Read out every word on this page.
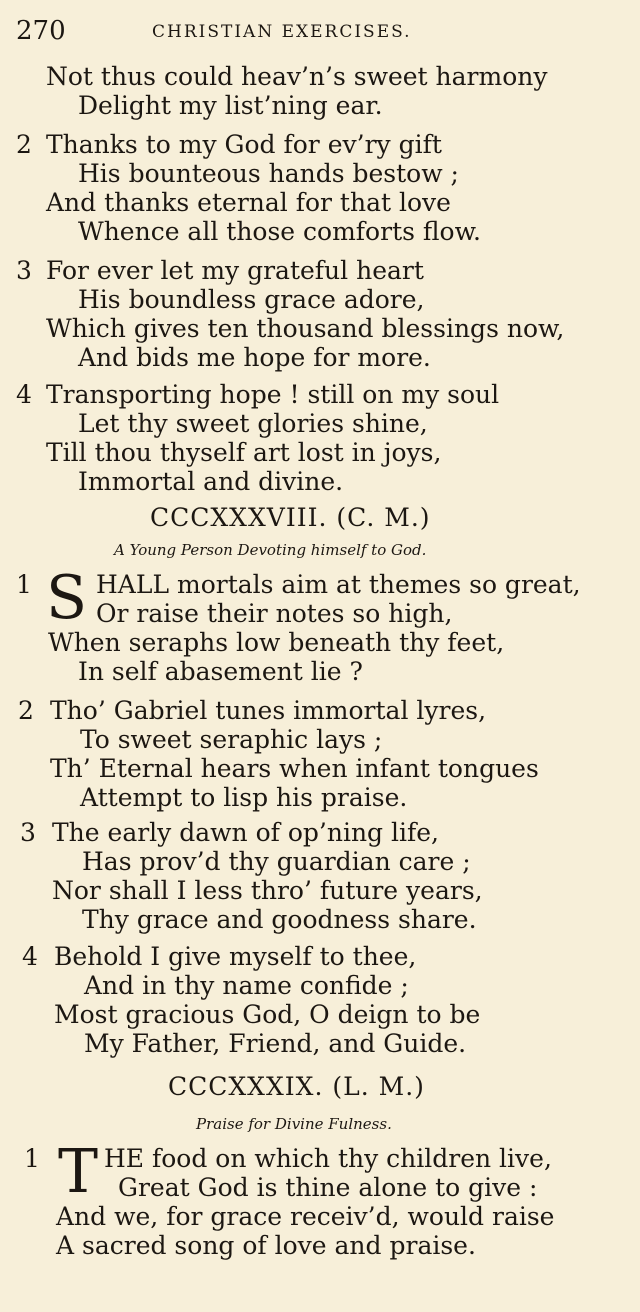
270	CHRISTIAN EXERCISES.
Not thus could heav’n’s sweet harmony
Delight my list’ning ear.
2 Thanks to my God for ev’ry gift
His bounteous hands bestow ;
And thanks eternal for that love
Whence all those comforts flow.
3 For ever let my grateful heart
His boundless grace adore,
Which gives ten thousand blessings now,
And bids me hope for more.
4 Transporting hope ! still on my soul
Let thy sweet glories shine,
Till thou thyself art lost in joys,
Immortal and divine.
CCCXXXVIII. (C. M.)
A Young Person Devoting himself to God.
1 S HALL mortals aim at themes so great,
Or raise their notes so high,
When seraphs low beneath thy feet,
In self abasement lie ?
2 Tho’ Gabriel tunes immortal lyres,
To sweet seraphic lays ;
Th’ Eternal hears when infant tongues
Attempt to lisp his praise.
3 The early dawn of op’ning life,
Has prov’d thy guardian care ;
Nor shall I less thro’ future years,
Thy grace and goodness share.
4 Behold I give myself to thee,
And in thy name confide ;
Most gracious God, O deign to be
My Father, Friend, and Guide.
CCCXXXIX. (L. M.)
Praise for Divine Fulness.
1 T HE food on which thy children live,
Great God is thine alone to give :
And we, for grace receiv’d, would raise
A sacred song of love and praise.
